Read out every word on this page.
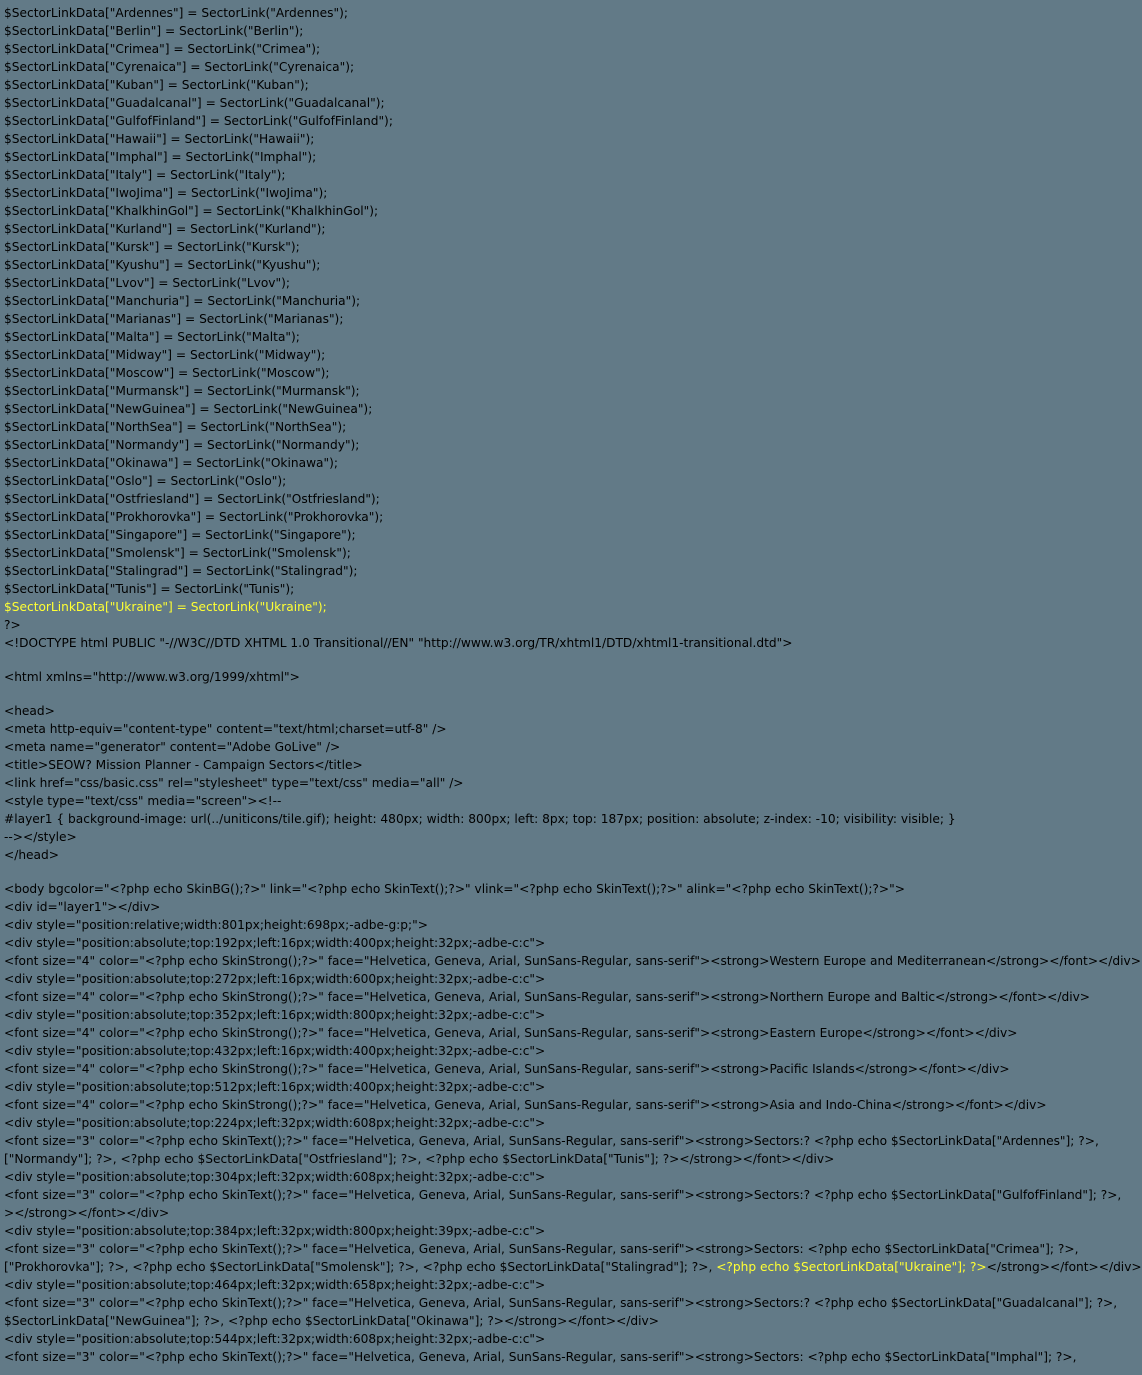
$SectorLinkData["Ardennes"] = SectorLink("Ardennes");
$SectorLinkData["Berlin"] = SectorLink("Berlin");
$SectorLinkData["Crimea"] = SectorLink("Crimea");
$SectorLinkData["Cyrenaica"] = SectorLink("Cyrenaica");
$SectorLinkData["Kuban"] = SectorLink("Kuban");
$SectorLinkData["Guadalcanal"] = SectorLink("Guadalcanal");
$SectorLinkData["GulfofFinland"] = SectorLink("GulfofFinland");
$SectorLinkData["Hawaii"] = SectorLink("Hawaii");
$SectorLinkData["Imphal"] = SectorLink("Imphal");
$SectorLinkData["Italy"] = SectorLink("Italy");
$SectorLinkData["IwoJima"] = SectorLink("IwoJima");
$SectorLinkData["KhalkhinGol"] = SectorLink("KhalkhinGol");
$SectorLinkData["Kurland"] = SectorLink("Kurland");
$SectorLinkData["Kursk"] = SectorLink("Kursk");
$SectorLinkData["Kyushu"] = SectorLink("Kyushu");
$SectorLinkData["Lvov"] = SectorLink("Lvov");
$SectorLinkData["Manchuria"] = SectorLink("Manchuria");
$SectorLinkData["Marianas"] = SectorLink("Marianas");
$SectorLinkData["Malta"] = SectorLink("Malta");
$SectorLinkData["Midway"] = SectorLink("Midway");
$SectorLinkData["Moscow"] = SectorLink("Moscow");
$SectorLinkData["Murmansk"] = SectorLink("Murmansk");
$SectorLinkData["NewGuinea"] = SectorLink("NewGuinea");
$SectorLinkData["NorthSea"] = SectorLink("NorthSea");
$SectorLinkData["Normandy"] = SectorLink("Normandy");
$SectorLinkData["Okinawa"] = SectorLink("Okinawa");
$SectorLinkData["Oslo"] = SectorLink("Oslo");
$SectorLinkData["Ostfriesland"] = SectorLink("Ostfriesland");
$SectorLinkData["Prokhorovka"] = SectorLink("Prokhorovka");
$SectorLinkData["Singapore"] = SectorLink("Singapore");
$SectorLinkData["Smolensk"] = SectorLink("Smolensk");
$SectorLinkData["Stalingrad"] = SectorLink("Stalingrad");
$SectorLinkData["Tunis"] = SectorLink("Tunis");
$SectorLinkData["Ukraine"] = SectorLink("Ukraine");
?>
<!DOCTYPE html PUBLIC "-//W3C//DTD XHTML 1.0 Transitional//EN" "http://www.w3.org/TR/xhtml1/DTD/xhtml1-transitional.dtd">
<html xmlns="http://www.w3.org/1999/xhtml">
<head>
<meta http-equiv="content-type" content="text/html;charset=utf-8" />
<meta name="generator" content="Adobe GoLive" />
<title>SEOW? Mission Planner - Campaign Sectors</title>
<link href="css/basic.css" rel="stylesheet" type="text/css" media="all" />
<style type="text/css" media="screen"><!--
#layer1 { background-image: url(../uniticons/tile.gif); height: 480px; width: 800px; left: 8px; top: 187px; position: absolute; z-index: -10; visibility: visible; }
--></style>
</head>
<body bgcolor="<?php echo SkinBG();?>" link="<?php echo SkinText();?>" vlink="<?php echo SkinText();?>" alink="<?php echo SkinText();?>">
<div id="layer1"></div>
<div style="position:relative;width:801px;height:698px;-adbe-g:p;">
<div style="position:absolute;top:192px;left:16px;width:400px;height:32px;-adbe-c:c">
<font size="4" color="<?php echo SkinStrong();?>" face="Helvetica, Geneva, Arial, SunSans-Regular, sans-serif"><strong>Western Europe and Mediterranean</strong></font></div>
<div style="position:absolute;top:272px;left:16px;width:600px;height:32px;-adbe-c:c">
<font size="4" color="<?php echo SkinStrong();?>" face="Helvetica, Geneva, Arial, SunSans-Regular, sans-serif"><strong>Northern Europe and Baltic</strong></font></div>
<div style="position:absolute;top:352px;left:16px;width:800px;height:32px;-adbe-c:c">
<font size="4" color="<?php echo SkinStrong();?>" face="Helvetica, Geneva, Arial, SunSans-Regular, sans-serif"><strong>Eastern Europe</strong></font></div>
<div style="position:absolute;top:432px;left:16px;width:400px;height:32px;-adbe-c:c">
<font size="4" color="<?php echo SkinStrong();?>" face="Helvetica, Geneva, Arial, SunSans-Regular, sans-serif"><strong>Pacific Islands</strong></font></div>
<div style="position:absolute;top:512px;left:16px;width:400px;height:32px;-adbe-c:c">
<font size="4" color="<?php echo SkinStrong();?>" face="Helvetica, Geneva, Arial, SunSans-Regular, sans-serif"><strong>Asia and Indo-China</strong></font></div>
<div style="position:absolute;top:224px;left:32px;width:608px;height:32px;-adbe-c:c">
<font size="3" color="<?php echo SkinText();?>" face="Helvetica, Geneva, Arial, SunSans-Regular, sans-serif"><strong>Sectors:? <?php echo $SectorLinkData["Ardennes"]; ?>,
["Normandy"]; ?>, <?php echo $SectorLinkData["Ostfriesland"]; ?>, <?php echo $SectorLinkData["Tunis"]; ?></strong></font></div>
<div style="position:absolute;top:304px;left:32px;width:608px;height:32px;-adbe-c:c">
<font size="3" color="<?php echo SkinText();?>" face="Helvetica, Geneva, Arial, SunSans-Regular, sans-serif"><strong>Sectors:? <?php echo $SectorLinkData["GulfofFinland"]; ?>,
></strong></font></div>
<div style="position:absolute;top:384px;left:32px;width:800px;height:39px;-adbe-c:c">
<font size="3" color="<?php echo SkinText();?>" face="Helvetica, Geneva, Arial, SunSans-Regular, sans-serif"><strong>Sectors: <?php echo $SectorLinkData["Crimea"]; ?>,
["Prokhorovka"]; ?>, <?php echo $SectorLinkData["Smolensk"]; ?>, <?php echo $SectorLinkData["Stalingrad"]; ?>, <?php echo $SectorLinkData["Ukraine"]; ?></strong></font></div>
<div style="position:absolute;top:464px;left:32px;width:658px;height:32px;-adbe-c:c">
<font size="3" color="<?php echo SkinText();?>" face="Helvetica, Geneva, Arial, SunSans-Regular, sans-serif"><strong>Sectors:? <?php echo $SectorLinkData["Guadalcanal"]; ?>,
$SectorLinkData["NewGuinea"]; ?>, <?php echo $SectorLinkData["Okinawa"]; ?></strong></font></div>
<div style="position:absolute;top:544px;left:32px;width:608px;height:32px;-adbe-c:c">
<font size="3" color="<?php echo SkinText();?>" face="Helvetica, Geneva, Arial, SunSans-Regular, sans-serif"><strong>Sectors: <?php echo $SectorLinkData["Imphal"]; ?>,
